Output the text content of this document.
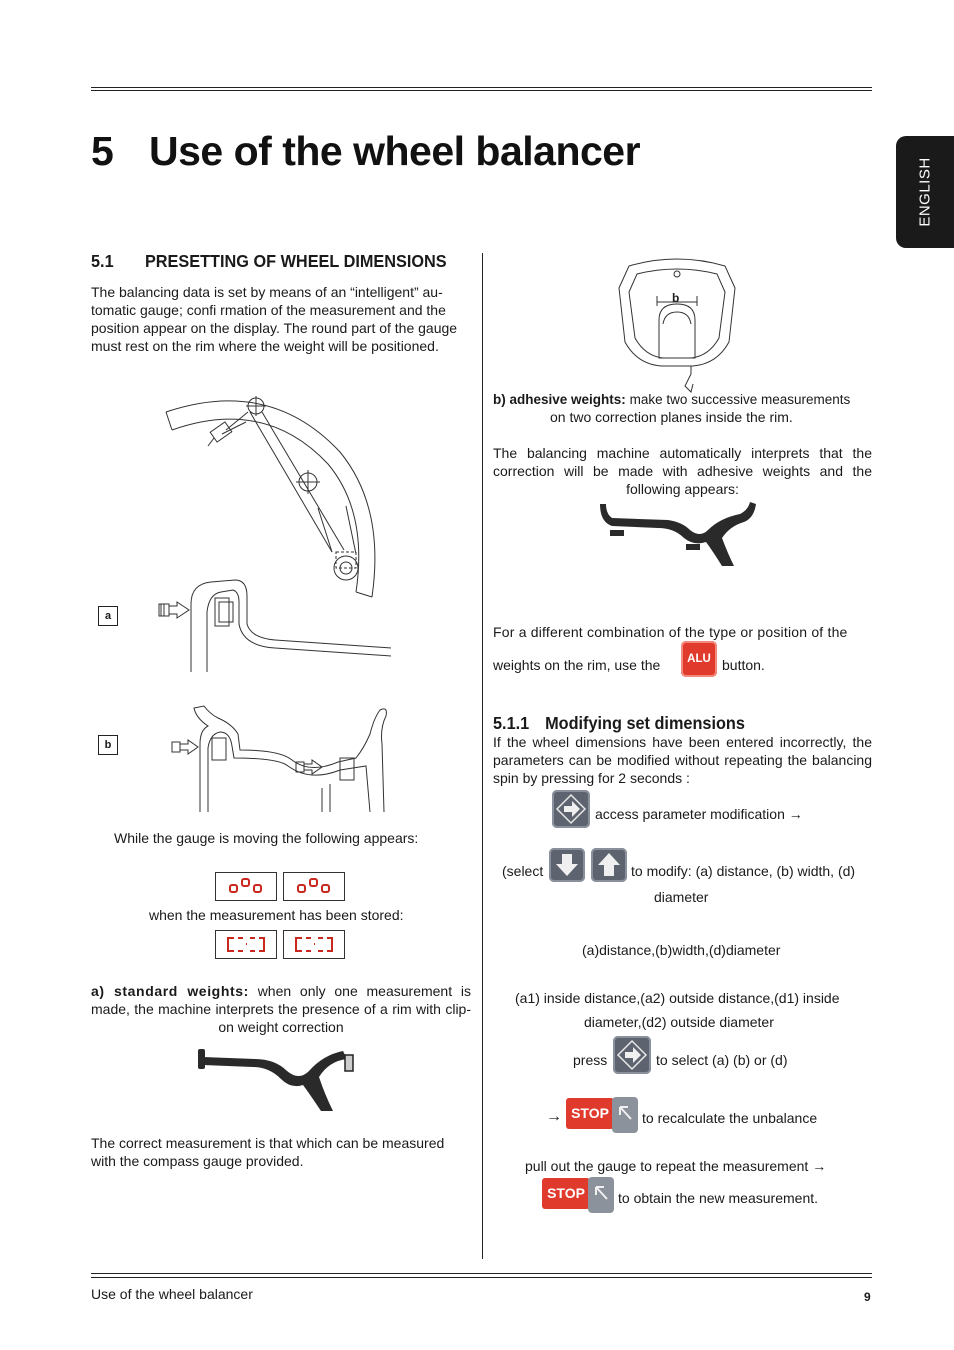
5 Use of the wheel balancer
ENGLISH
5.1 PRESETTING OF WHEEL DIMENSIONS
The balancing data is set by means of an “intelligent” au-
tomatic gauge; confi rmation of the measurement and the
position appear on the display. The round part of the gauge
must rest on the rim where the weight will be positioned.
a
b
While the gauge is moving the following appears:
when the measurement has been stored:
a) standard weights: when only one measurement is made, the machine interprets the presence of a rim with clip-on weight correction
The correct measurement is that which can be measured with the compass gauge provided.
b
b) adhesive weights: make two successive measurements
on two correction planes inside the rim.
The balancing machine automatically interprets that the correction will be made with adhesive weights and the following appears:
For a different combination of the type or position of the
weights on the rim, use the	ALU button.
5.1.1 Modifying set dimensions
If the wheel dimensions have been entered incorrectly, the parameters can be modified without repeating the balancing spin by pressing for 2 seconds :
access parameter modification →
(select	to modify: (a) distance, (b) width, (d)
diameter
(a)distance,(b)width,(d)diameter
(a1) inside distance,(a2) outside distance,(d1) inside
diameter,(d2) outside diameter
press	to select (a) (b) or (d)
→ STOP	to recalculate the unbalance
pull out the gauge to repeat the measurement →
STOP	to obtain the new measurement.
Use of the wheel balancer	9
